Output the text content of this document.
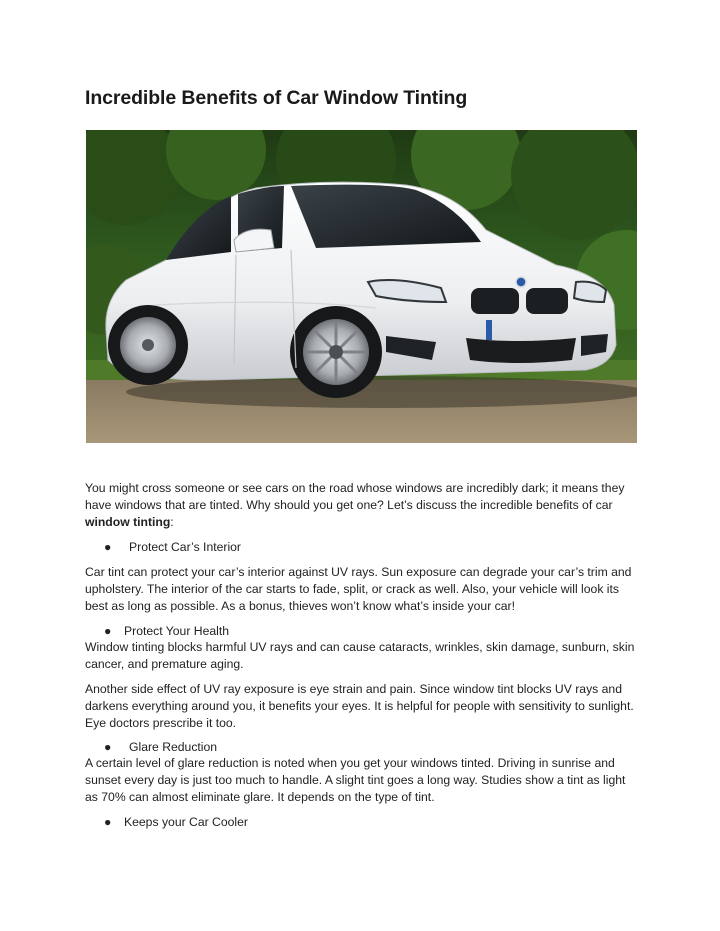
Incredible Benefits of Car Window Tinting

You might cross someone or see cars on the road whose windows are incredibly dark; it means they have windows that are tinted. Why should you get one? Let’s discuss the incredible benefits of car window tinting:

● Protect Car’s Interior

Car tint can protect your car’s interior against UV rays. Sun exposure can degrade your car’s trim and upholstery. The interior of the car starts to fade, split, or crack as well. Also, your vehicle will look its best as long as possible. As a bonus, thieves won’t know what’s inside your car!

● Protect Your Health

Window tinting blocks harmful UV rays and can cause cataracts, wrinkles, skin damage, sunburn, skin cancer, and premature aging.

Another side effect of UV ray exposure is eye strain and pain. Since window tint blocks UV rays and darkens everything around you, it benefits your eyes. It is helpful for people with sensitivity to sunlight. Eye doctors prescribe it too.

● Glare Reduction

A certain level of glare reduction is noted when you get your windows tinted. Driving in sunrise and sunset every day is just too much to handle. A slight tint goes a long way. Studies show a tint as light as 70% can almost eliminate glare. It depends on the type of tint.

● Keeps your Car Cooler
